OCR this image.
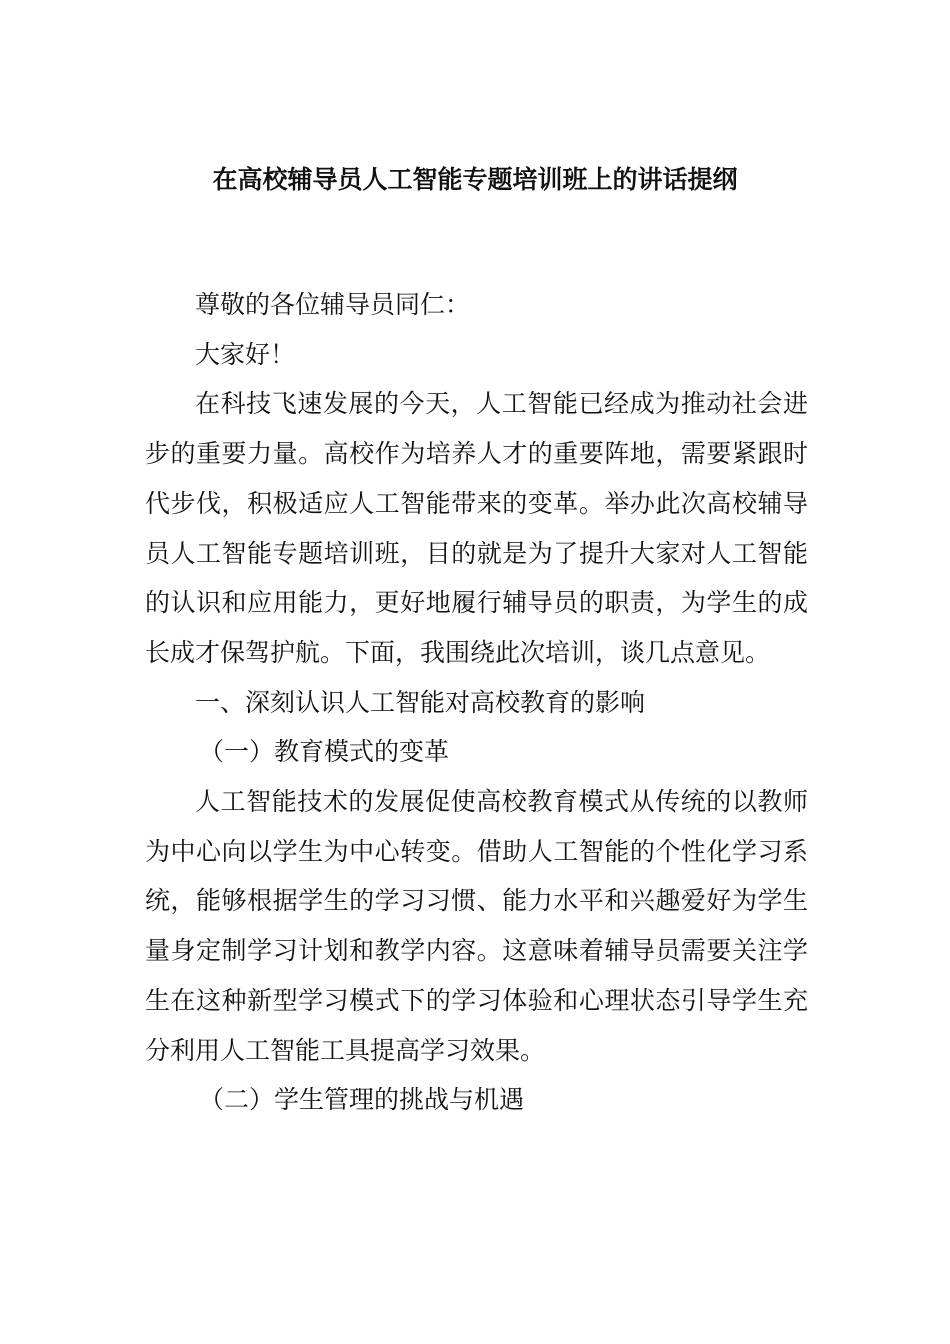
在高校辅导员人工智能专题培训班上的讲话提纲

尊敬的各位辅导员同仁：

大家好！

在科技飞速发展的今天，人工智能已经成为推动社会进步的重要力量。高校作为培养人才的重要阵地，需要紧跟时代步伐，积极适应人工智能带来的变革。举办此次高校辅导员人工智能专题培训班，目的就是为了提升大家对人工智能的认识和应用能力，更好地履行辅导员的职责，为学生的成长成才保驾护航。下面，我围绕此次培训，谈几点意见。

一、深刻认识人工智能对高校教育的影响

（一）教育模式的变革

人工智能技术的发展促使高校教育模式从传统的以教师为中心向以学生为中心转变。借助人工智能的个性化学习系统，能够根据学生的学习习惯、能力水平和兴趣爱好为学生量身定制学习计划和教学内容。这意味着辅导员需要关注学生在这种新型学习模式下的学习体验和心理状态引导学生充分利用人工智能工具提高学习效果。

（二）学生管理的挑战与机遇
